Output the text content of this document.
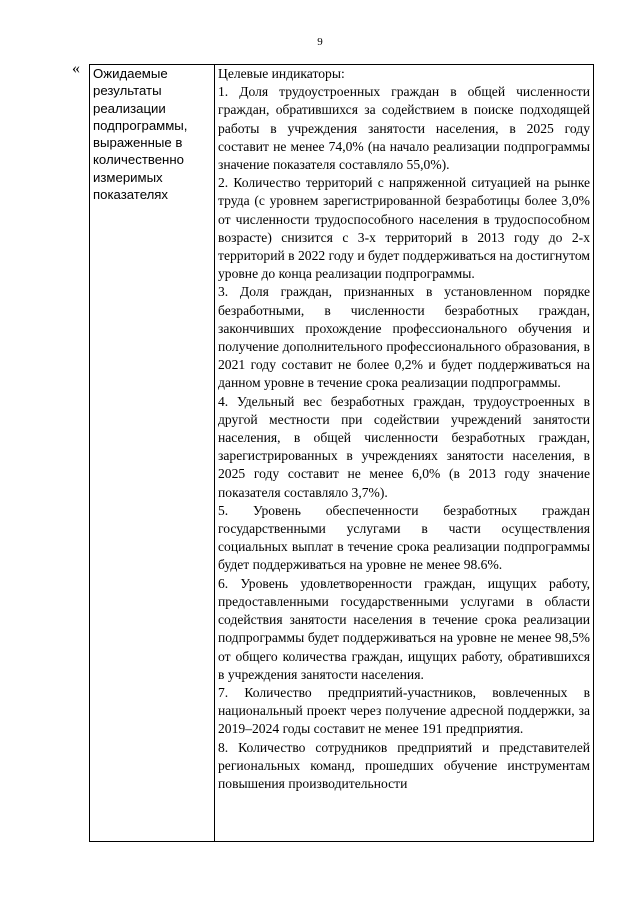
9
« Ожидаемые результаты реализации подпрограммы, выраженные в количественно измеримых показателях

Целевые индикаторы:

1. Доля трудоустроенных граждан в общей численности граждан, обратившихся за содействием в поиске подходящей работы в учреждения занятости населения, в 2025 году составит не менее 74,0% (на начало реализации подпрограммы значение показателя составляло 55,0%).

2. Количество территорий с напряженной ситуацией на рынке труда (с уровнем зарегистрированной безработицы более 3,0% от численности трудоспособного населения в трудоспособном возрасте) снизится с 3-х территорий в 2013 году до 2-х территорий в 2022 году и будет поддерживаться на достигнутом уровне до конца реализации подпрограммы.

3. Доля граждан, признанных в установленном порядке безработными, в численности безработных граждан, закончивших прохождение профессионального обучения и получение дополнительного профессионального образования, в 2021 году составит не более 0,2% и будет поддерживаться на данном уровне в течение срока реализации подпрограммы.

4. Удельный вес безработных граждан, трудоустроенных в другой местности при содействии учреждений занятости населения, в общей численности безработных граждан, зарегистрированных в учреждениях занятости населения, в 2025 году составит не менее 6,0% (в 2013 году значение показателя составляло 3,7%).

5. Уровень обеспеченности безработных граждан государственными услугами в части осуществления социальных выплат в течение срока реализации подпрограммы будет поддерживаться на уровне не менее 98.6%.

6. Уровень удовлетворенности граждан, ищущих работу, предоставленными государственными услугами в области содействия занятости населения в течение срока реализации подпрограммы будет поддерживаться на уровне не менее 98,5% от общего количества граждан, ищущих работу, обратившихся в учреждения занятости населения.

7. Количество предприятий-участников, вовлеченных в национальный проект через получение адресной поддержки, за 2019–2024 годы составит не менее 191 предприятия.

8. Количество сотрудников предприятий и представителей региональных команд, прошедших обучение инструментам повышения производительности
